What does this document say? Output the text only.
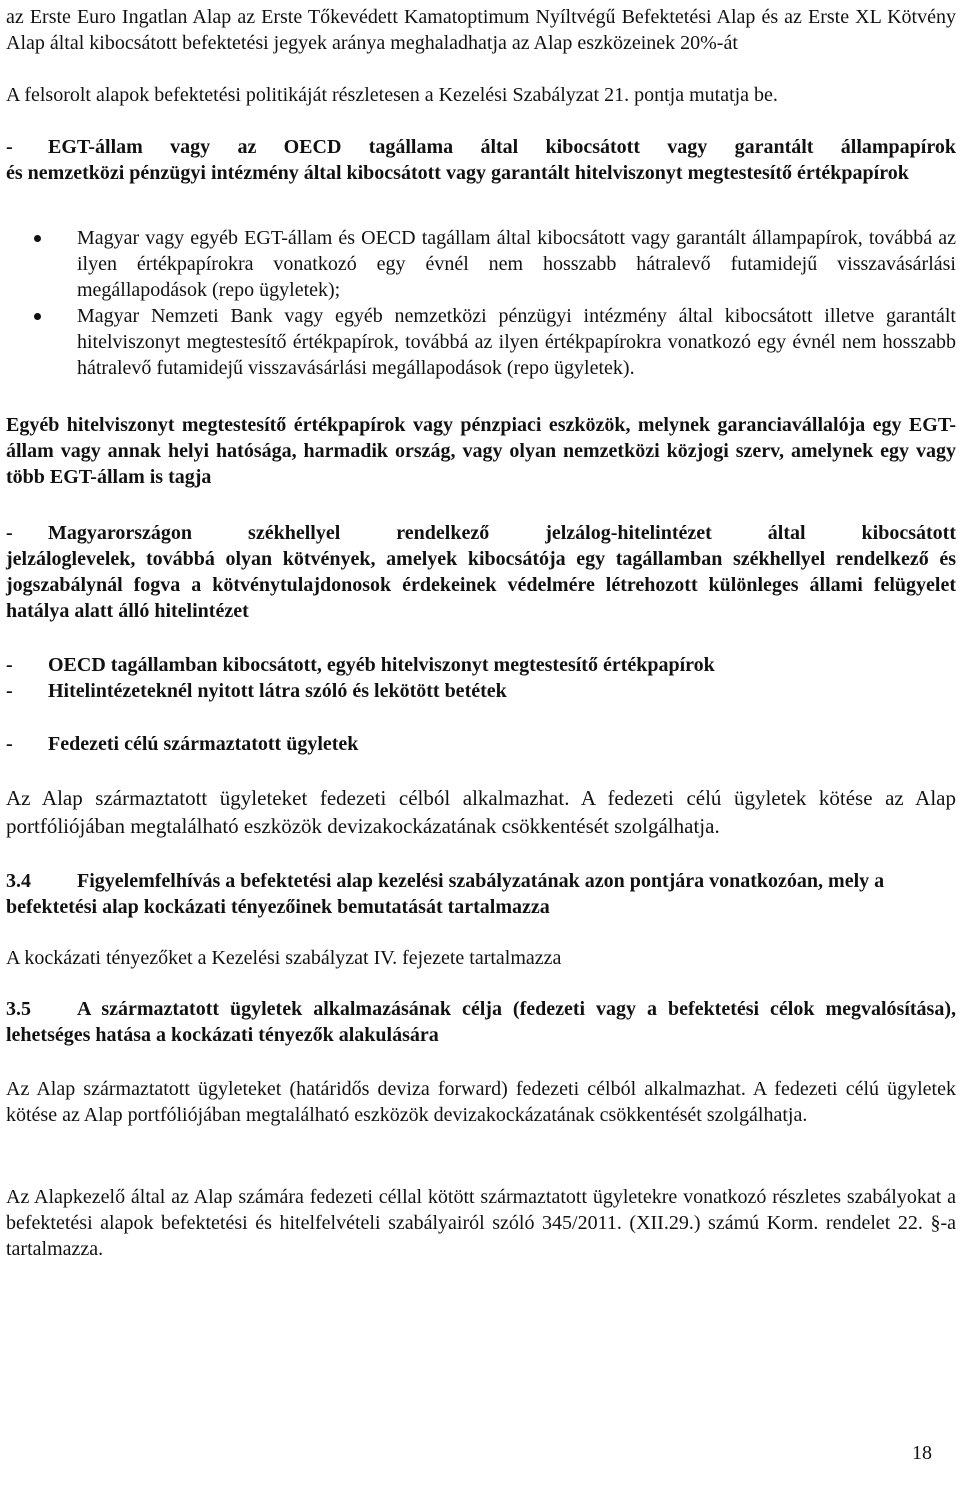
az Erste Euro Ingatlan Alap az Erste Tőkevédett Kamatoptimum Nyíltvégű Befektetési Alap és az Erste XL Kötvény Alap által kibocsátott befektetési jegyek aránya meghaladhatja az Alap eszközeinek 20%-át

A felsorolt alapok befektetési politikáját részletesen a Kezelési Szabályzat 21. pontja mutatja be.

-	EGT-állam vagy az OECD tagállama által kibocsátott vagy garantált állampapírok

és nemzetközi pénzügyi intézmény által kibocsátott vagy garantált hitelviszonyt megtestesítő értékpapírok

Magyar vagy egyéb EGT-állam és OECD tagállam által kibocsátott vagy garantált állampapírok, továbbá az ilyen értékpapírokra vonatkozó egy évnél nem hosszabb hátralevő futamidejű visszavásárlási megállapodások (repo ügyletek);
Magyar Nemzeti Bank vagy egyéb nemzetközi pénzügyi intézmény által kibocsátott illetve garantált hitelviszonyt megtestesítő értékpapírok, továbbá az ilyen értékpapírokra vonatkozó egy évnél nem hosszabb hátralevő futamidejű visszavásárlási megállapodások (repo ügyletek).

Egyéb hitelviszonyt megtestesítő értékpapírok vagy pénzpiaci eszközök, melynek garanciavállalója egy EGT-állam vagy annak helyi hatósága, harmadik ország, vagy olyan nemzetközi közjogi szerv, amelynek egy vagy több EGT-állam is tagja

-	Magyarországon székhellyel rendelkező jelzálog-hitelintézet által kibocsátott

jelzáloglevelek, továbbá olyan kötvények, amelyek kibocsátója egy tagállamban székhellyel rendelkező és jogszabálynál fogva a kötvénytulajdonosok érdekeinek védelmére létrehozott különleges állami felügyelet hatálya alatt álló hitelintézet

-	OECD tagállamban kibocsátott, egyéb hitelviszonyt megtestesítő értékpapírok
-	Hitelintézeteknél nyitott látra szóló és lekötött betétek
-	Fedezeti célú származtatott ügyletek

Az Alap származtatott ügyleteket fedezeti célból alkalmazhat. A fedezeti célú ügyletek kötése az Alap portfóliójában megtalálható eszközök devizakockázatának csökkentését szolgálhatja.

3.4	Figyelemfelhívás a befektetési alap kezelési szabályzatának azon pontjára vonatkozóan, mely a befektetési alap kockázati tényezőinek bemutatását tartalmazza

A kockázati tényezőket a Kezelési szabályzat IV. fejezete tartalmazza

3.5 A származtatott ügyletek alkalmazásának célja (fedezeti vagy a befektetési célok megvalósítása), lehetséges hatása a kockázati tényezők alakulására

Az Alap származtatott ügyleteket (határidős deviza forward) fedezeti célból alkalmazhat. A fedezeti célú ügyletek kötése az Alap portfóliójában megtalálható eszközök devizakockázatának csökkentését szolgálhatja.

Az Alapkezelő által az Alap számára fedezeti céllal kötött származtatott ügyletekre vonatkozó részletes szabályokat a befektetési alapok befektetési és hitelfelvételi szabályairól szóló 345/2011. (XII.29.) számú Korm. rendelet 22. §-a tartalmazza.

18
